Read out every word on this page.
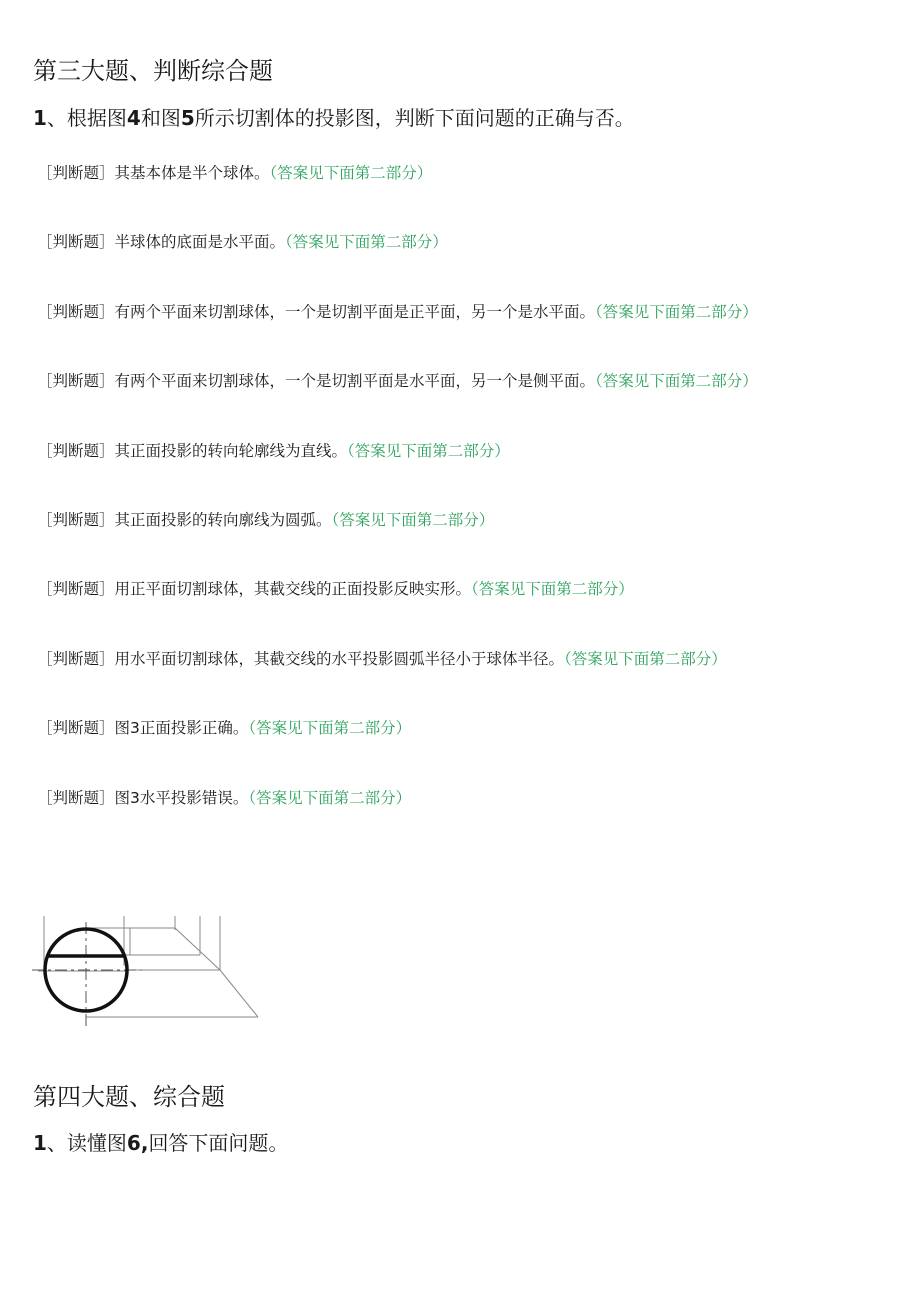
第三大题、判断综合题

1、根据图4和图5所示切割体的投影图，判断下面问题的正确与否。

［判断题］其基本体是半个球体。（答案见下面第二部分）
［判断题］半球体的底面是水平面。（答案见下面第二部分）
［判断题］有两个平面来切割球体，一个是切割平面是正平面，另一个是水平面。（答案见下面第二部分）
［判断题］有两个平面来切割球体，一个是切割平面是水平面，另一个是侧平面。（答案见下面第二部分）
［判断题］其正面投影的转向轮廓线为直线。（答案见下面第二部分）
［判断题］其正面投影的转向廓线为圆弧。（答案见下面第二部分）
［判断题］用正平面切割球体，其截交线的正面投影反映实形。（答案见下面第二部分）
［判断题］用水平面切割球体，其截交线的水平投影圆弧半径小于球体半径。（答案见下面第二部分）
［判断题］图3正面投影正确。（答案见下面第二部分）
［判断题］图3水平投影错误。（答案见下面第二部分）
第四大题、综合题

1、读懂图6,回答下面问题。
